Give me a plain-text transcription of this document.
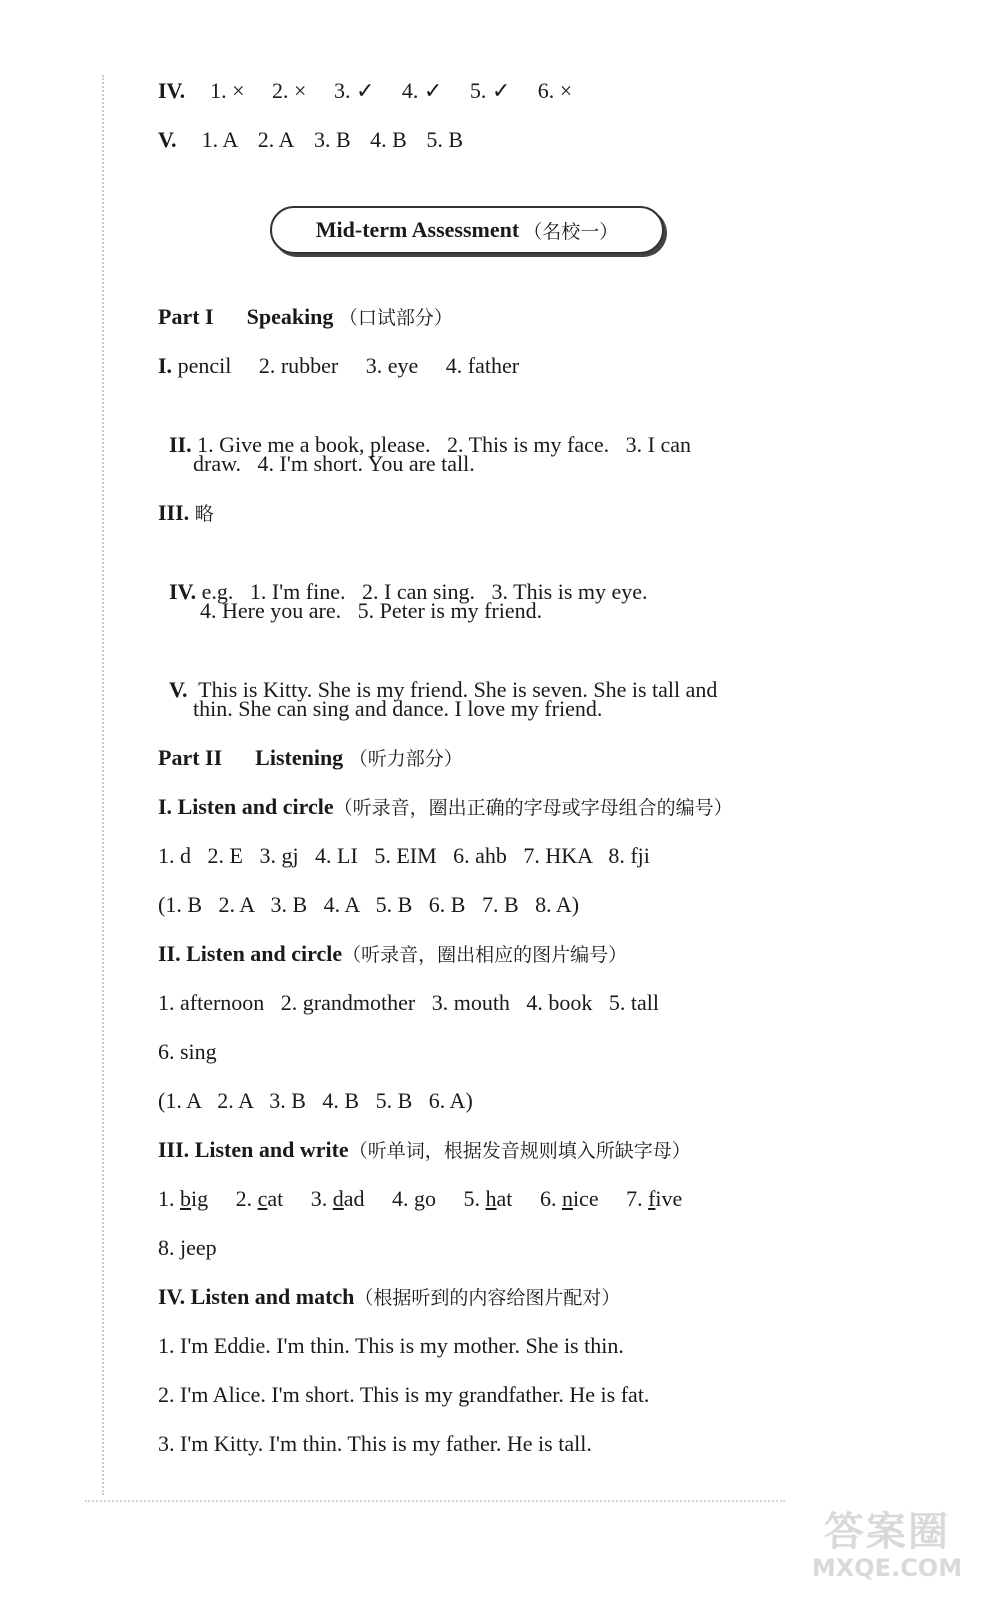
IV. 1. × 2. × 3. ✓ 4. ✓ 5. ✓ 6. ×
V. 1. A 2. A 3. B 4. B 5. B
Mid-term Assessment （名校一）
Part I Speaking （口试部分）
I. pencil 2. rubber 3. eye 4. father

II. 1. Give me a book, please.   2. This is my face.   3. I can

draw.   4. I'm short. You are tall.
III. 略

IV. e.g.   1. I'm fine.   2. I can sing.   3. This is my eye.

4. Here you are.   5. Peter is my friend.

V. This is Kitty. She is my friend. She is seven. She is tall and

thin. She can sing and dance. I love my friend.
Part II Listening （听力部分）
I. Listen and circle（听录音，圈出正确的字母或字母组合的编号）
1. d   2. E   3. gj   4. LI   5. EIM   6. ahb   7. HKA   8. fji
(1. B   2. A   3. B   4. A   5. B   6. B   7. B   8. A)
II. Listen and circle（听录音，圈出相应的图片编号）
1. afternoon   2. grandmother   3. mouth   4. book   5. tall
6. sing
(1. A   2. A   3. B   4. B   5. B   6. A)
III. Listen and write（听单词，根据发音规则填入所缺字母）
1. big 2. cat 3. dad 4. go 5. hat 6. nice 7. five
8. jeep
IV. Listen and match（根据听到的内容给图片配对）
1. I'm Eddie. I'm thin. This is my mother. She is thin.
2. I'm Alice. I'm short. This is my grandfather. He is fat.
3. I'm Kitty. I'm thin. This is my father. He is tall.
答案圈
MXQE.COM
